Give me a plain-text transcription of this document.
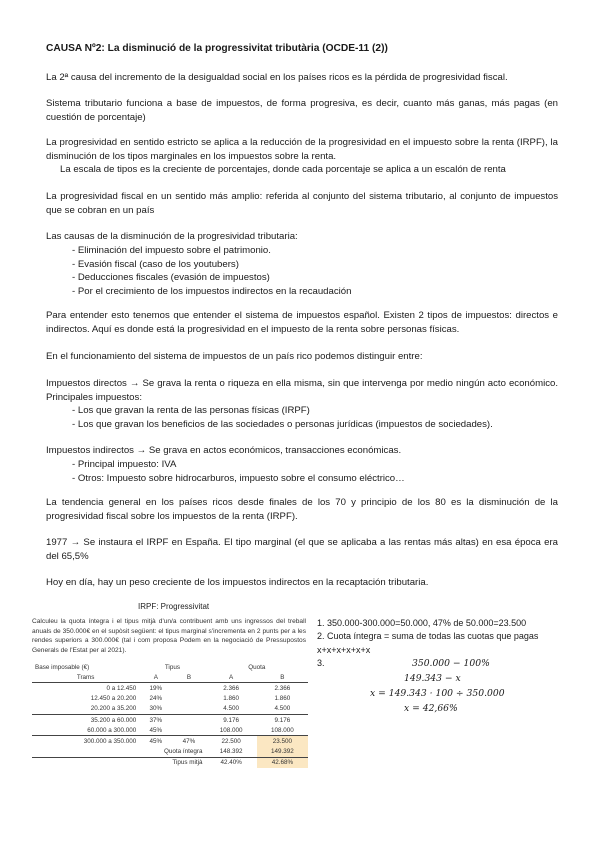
CAUSA Nº2: La disminució de la progressivitat tributària (OCDE-11 (2))

La 2ª causa del incremento de la desigualdad social en los países ricos es la pérdida de progresividad fiscal.

Sistema tributario funciona a base de impuestos, de forma progresiva, es decir, cuanto más ganas, más pagas (en cuestión de porcentaje)

La progresividad en sentido estricto se aplica a la reducción de la progresividad en el impuesto sobre la renta (IRPF), la disminución de los tipos marginales en los impuestos sobre la renta.

La escala de tipos es la creciente de porcentajes, donde cada porcentaje se aplica a un escalón de renta

La progresividad fiscal en un sentido más amplio: referida al conjunto del sistema tributario, al conjunto de impuestos que se cobran en un país

Las causas de la disminución de la progresividad tributaria:

- Eliminación del impuesto sobre el patrimonio.
- Evasión fiscal (caso de los youtubers)
- Deducciones fiscales (evasión de impuestos)
- Por el crecimiento de los impuestos indirectos en la recaudación

Para entender esto tenemos que entender el sistema de impuestos español. Existen 2 tipos de impuestos: directos e indirectos. Aquí es donde está la progresividad en el impuesto de la renta sobre personas físicas.

En el funcionamiento del sistema de impuestos de un país rico podemos distinguir entre:

Impuestos directos → Se grava la renta o riqueza en ella misma, sin que intervenga por medio ningún acto económico. Principales impuestos:

- Los que gravan la renta de las personas físicas (IRPF)
- Los que gravan los beneficios de las sociedades o personas jurídicas (impuestos de sociedades).

Impuestos indirectos → Se grava en actos económicos, transacciones económicas.

- Principal impuesto: IVA
- Otros: Impuesto sobre hidrocarburos, impuesto sobre el consumo eléctrico…

La tendencia general en los países ricos desde finales de los 70 y principio de los 80 es la disminución de la progresividad fiscal sobre los impuestos de la renta (IRPF).

1977 → Se instaura el IRPF en España. El tipo marginal (el que se aplicaba a las rentas más altas) en esa época era del 65,5%

Hoy en día, hay un peso creciente de los impuestos indirectos en la recaptación tributaria.

IRPF: Progressivitat

Calculeu la quota íntegra i el tipus mitjà d'un/a contribuent amb uns ingressos del treball anuals de 350.000€ en el supòsit següent: el tipus marginal s'incrementa en 2 punts per a les rendes superiors a 300.000€ (tal i com proposa Podem en la negociació de Pressupostos Generals de l'Estat per al 2021).

Base imposable (€)	Tipus		Quota	
Trams	A	B	A	B
0 a 12.450	19%		2.366	2.366
12.450 a 20.200	24%		1.860	1.860
20.200 a 35.200	30%		4.500	4.500
35.200 a 60.000	37%		9.176	9.176
60.000 a 300.000	45%		108.000	108.000
300.000 a 350.000	45%	47%	22.500	23.500
Quota íntegra			148.392	149.392
Tipus mitjà			42.40%	42.68%
1. 350.000-300.000=50.000, 47% de 50.000=23.500
2. Cuota íntegra = suma de todas las cuotas que pagas x+x+x+x+x+x
3.	350.000 − 100%
149.343 − x
x = 149.343 · 100 ÷ 350.000
x = 42,66%
